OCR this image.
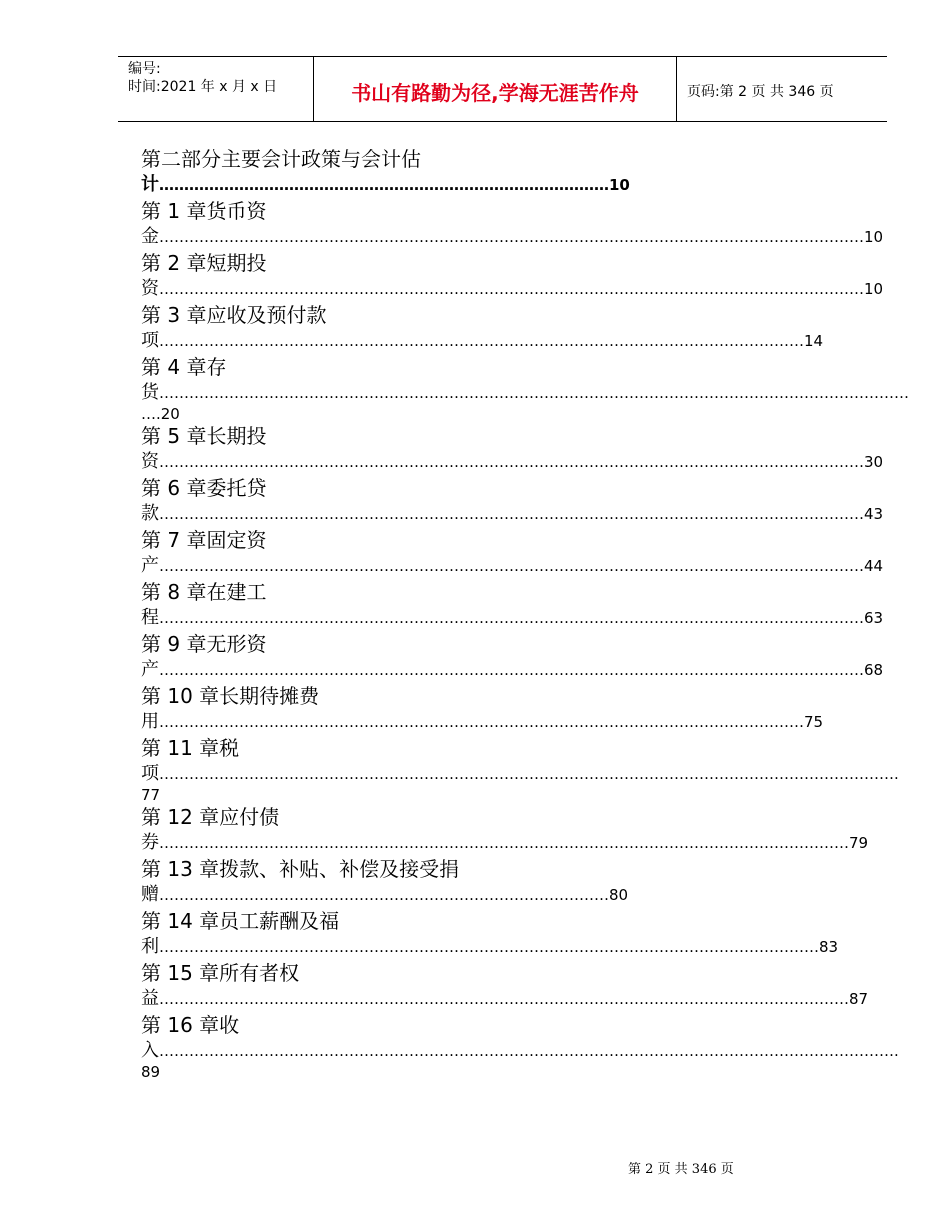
编号:
时间:2021 年 x 月 x 日	书山有路勤为径,学海无涯苦作舟	页码:第 2 页 共 346 页
第二部分主要会计政策与会计估
计………………………………………………………………………………10
第 1 章货币资
金……………………………………………………………………………………………………………………………10
第 2 章短期投
资……………………………………………………………………………………………………………………………10
第 3 章应收及预付款
项…………………………………………………………………………………………………………………14
第 4 章存
货……………………………………………………………………………………………………………………………………
….20
第 5 章长期投
资……………………………………………………………………………………………………………………………30
第 6 章委托贷
款……………………………………………………………………………………………………………………………43
第 7 章固定资
产……………………………………………………………………………………………………………………………44
第 8 章在建工
程……………………………………………………………………………………………………………………………63
第 9 章无形资
产……………………………………………………………………………………………………………………………68
第 10 章长期待摊费
用…………………………………………………………………………………………………………………75
第 11 章税
项………………………………………………………………………………………………………………………………….
77
第 12 章应付债
券…………………………………………………………………………………………………………………………79
第 13 章拨款、补贴、补偿及接受捐
赠………………………………………………………………………………80
第 14 章员工薪酬及福
利……………………………………………………………………………………………………………………83
第 15 章所有者权
益…………………………………………………………………………………………………………………………87
第 16 章收
入………………………………………………………………………………………………………………………………….
89
第 2 页 共 346 页
